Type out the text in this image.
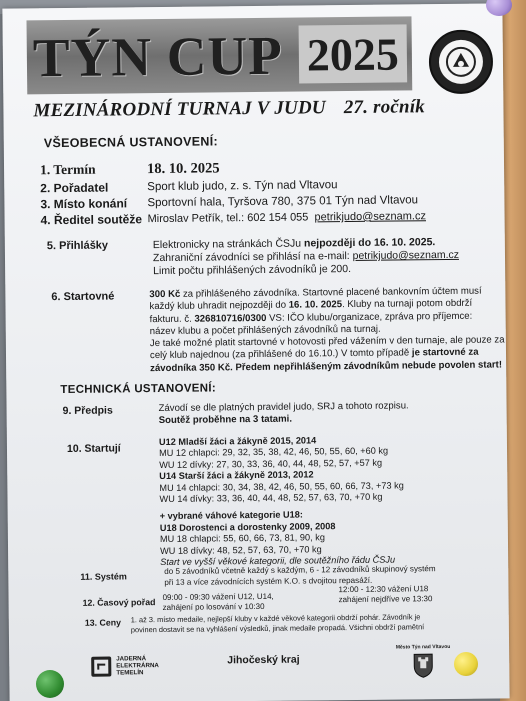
TÝN CUP 2025
MEZINÁRODNÍ TURNAJ V JUDU 27. ročník
VŠEOBECNÁ USTANOVENÍ:
1. Termín	18. 10. 2025
2. Pořadatel	Sport klub judo, z. s. Týn nad Vltavou
3. Místo konání Sportovní hala, Tyršova 780, 375 01 Týn nad Vltavou
4. Ředitel soutěže Miroslav Petřík, tel.: 602 154 055 petrikjudo@seznam.cz
5. Přihlášky	Elektronicky na stránkách ČSJu nejpozději do 16. 10. 2025.
Zahraniční závodníci se přihlásí na e-mail: petrikjudo@seznam.cz
Limit počtu přihlášených závodníků je 200.
6. Startovné	300 Kč za přihlášeného závodníka. Startovné placené bankovním účtem musí
každý klub uhradit nejpozději do 16. 10. 2025. Kluby na turnaji potom obdrží
fakturu. č. 326810716/0300 VS: IČO klubu/organizace, zpráva pro příjemce:
název klubu a počet přihlášených závodníků na turnaj.
Je také možné platit startovné v hotovosti před vážením v den turnaje, ale pouze za
celý klub najednou (za přihlášené do 16.10.) V tomto případě je startovné za
závodníka 350 Kč. Předem nepřihlášeným závodníkům nebude povolen start!
TECHNICKÁ USTANOVENÍ:
9. Předpis	Závodí se dle platných pravidel judo, SRJ a tohoto rozpisu.
Soutěž proběhne na 3 tatami.
10. Startují
U12 Mladší žáci a žákyně 2015, 2014
MU 12 chlapci: 29, 32, 35, 38, 42, 46, 50, 55, 60, +60 kg
WU 12 dívky: 27, 30, 33, 36, 40, 44, 48, 52, 57, +57 kg
U14 Starší žáci a žákyně 2013, 2012
MU 14 chlapci: 30, 34, 38, 42, 46, 50, 55, 60, 66, 73, +73 kg
WU 14 dívky: 33, 36, 40, 44, 48, 52, 57, 63, 70, +70 kg
+ vybrané váhové kategorie U18:
U18 Dorostenci a dorostenky 2009, 2008
MU 18 chlapci: 55, 60, 66, 73, 81, 90, kg
WU 18 dívky: 48, 52, 57, 63, 70, +70 kg
Start ve vyšší věkové kategorii, dle soutěžního řádu ČSJu
11. Systém
do 5 závodníků včetně každý s každým, 6 - 12 závodníků skupinový systém
při 13 a více závodnících systém K.O. s dvojitou repasáží.
12. Časový pořad
09:00 - 09:30 vážení U12, U14,
zahájení po losování v 10:30
12:00 - 12:30 vážení U18
zahájení nejdříve ve 13:30
13. Ceny 1. až 3. místo medaile, nejlepší kluby v každé věkové kategorii obdrží pohár. Závodník je
povinen dostavit se na vyhlášení výsledků, jinak medaile propadá. Všichni obdrží pamětní
JADERNÁ
ELEKTRÁRNA
TEMELÍN
Jihočeský kraj
Město Týn nad Vltavou
